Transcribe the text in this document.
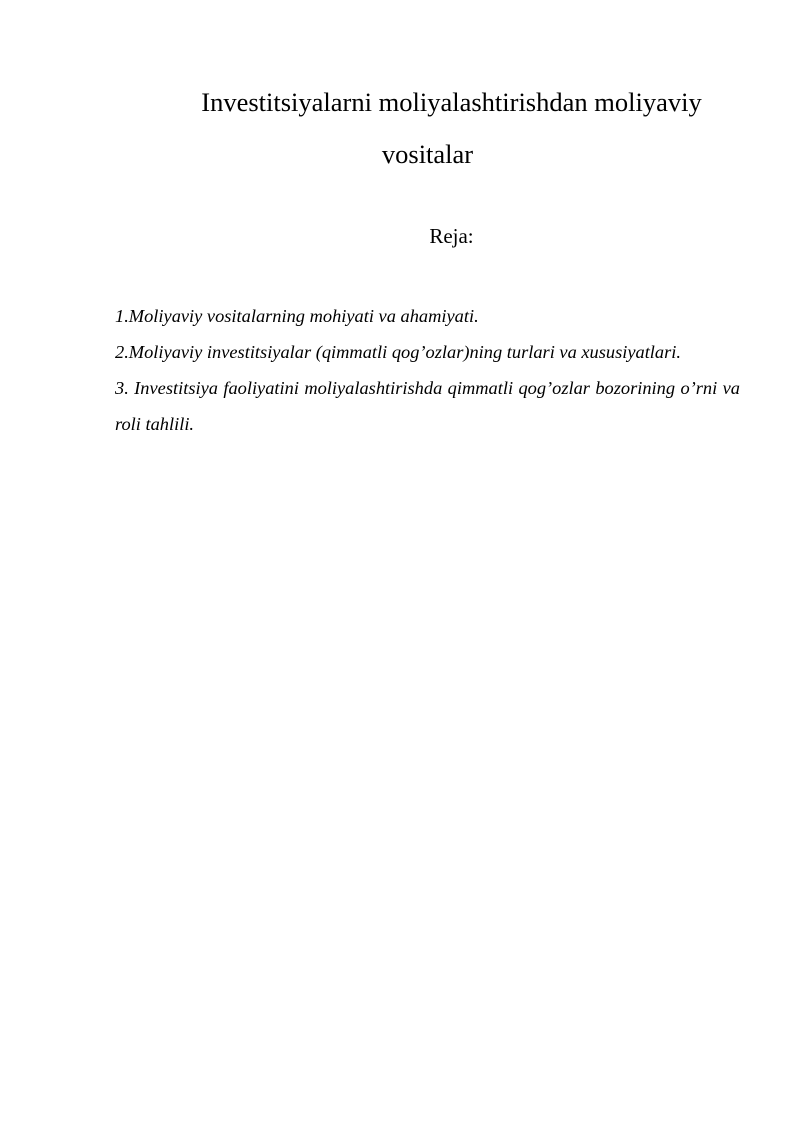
Investitsiyalarni moliyalashtirishdan moliyaviy vositalar
Reja:
1.Moliyaviy vositalarning mohiyati va ahamiyati.
2.Moliyaviy investitsiyalar (qimmatli qog’ozlar)ning turlari va xususiyatlari.
3. Investitsiya faoliyatini moliyalashtirishda qimmatli qog’ozlar bozorining o’rni va roli tahlili.
